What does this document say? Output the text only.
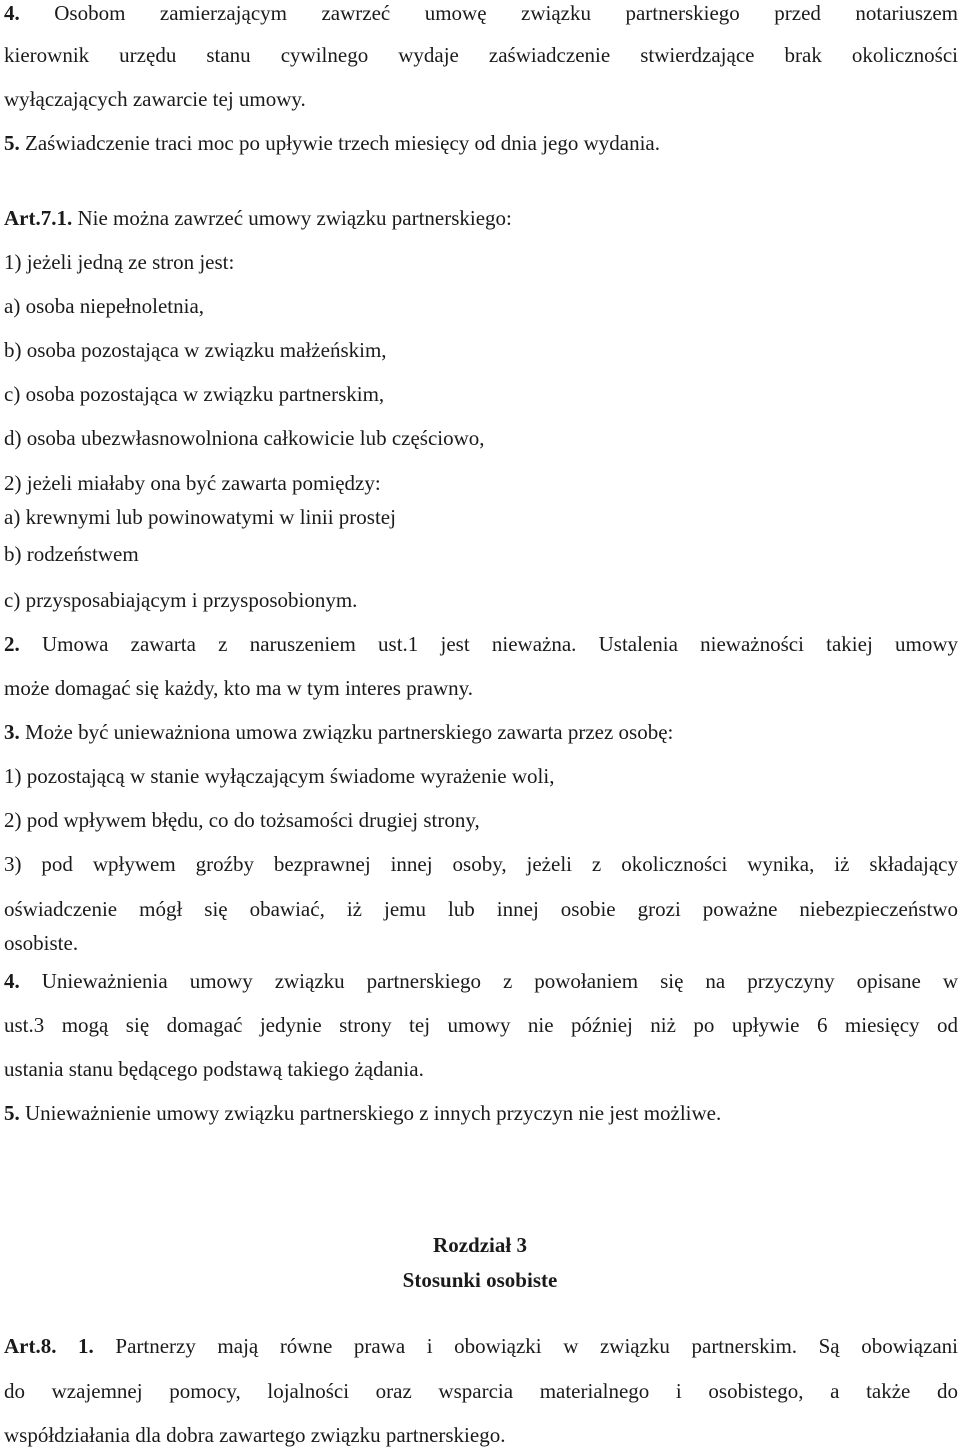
4. Osobom zamierzającym zawrzeć umowę związku partnerskiego przed notariuszem
kierownik urzędu stanu cywilnego wydaje zaświadczenie stwierdzające brak okoliczności
wyłączających zawarcie tej umowy.
5. Zaświadczenie traci moc po upływie trzech miesięcy od dnia jego wydania.
Art.7.1. Nie można zawrzeć umowy związku partnerskiego:
1) jeżeli jedną ze stron jest:
a) osoba niepełnoletnia,
b) osoba pozostająca w związku małżeńskim,
c) osoba pozostająca w związku partnerskim,
d) osoba ubezwłasnowolniona całkowicie lub częściowo,
2) jeżeli miałaby ona być zawarta pomiędzy:
a) krewnymi lub powinowatymi w linii prostej
b) rodzeństwem
c) przysposabiającym i przysposobionym.
2. Umowa zawarta z naruszeniem ust.1 jest nieważna. Ustalenia nieważności takiej umowy
może domagać się każdy, kto ma w tym interes prawny.
3. Może być unieważniona umowa związku partnerskiego zawarta przez osobę:
1) pozostającą w stanie wyłączającym świadome wyrażenie woli,
2) pod wpływem błędu, co do tożsamości drugiej strony,
3) pod wpływem groźby bezprawnej innej osoby, jeżeli z okoliczności wynika, iż składający
oświadczenie mógł się obawiać, iż jemu lub innej osobie grozi poważne niebezpieczeństwo
osobiste.
4. Unieważnienia umowy związku partnerskiego z powołaniem się na przyczyny opisane w
ust.3 mogą się domagać jedynie strony tej umowy nie później niż po upływie 6 miesięcy od
ustania stanu będącego podstawą takiego żądania.
5. Unieważnienie umowy związku partnerskiego z innych przyczyn nie jest możliwe.
Rozdział 3
Stosunki osobiste
Art.8. 1. Partnerzy mają równe prawa i obowiązki w związku partnerskim. Są obowiązani
do wzajemnej pomocy, lojalności oraz wsparcia materialnego i osobistego, a także do
współdziałania dla dobra zawartego związku partnerskiego.
